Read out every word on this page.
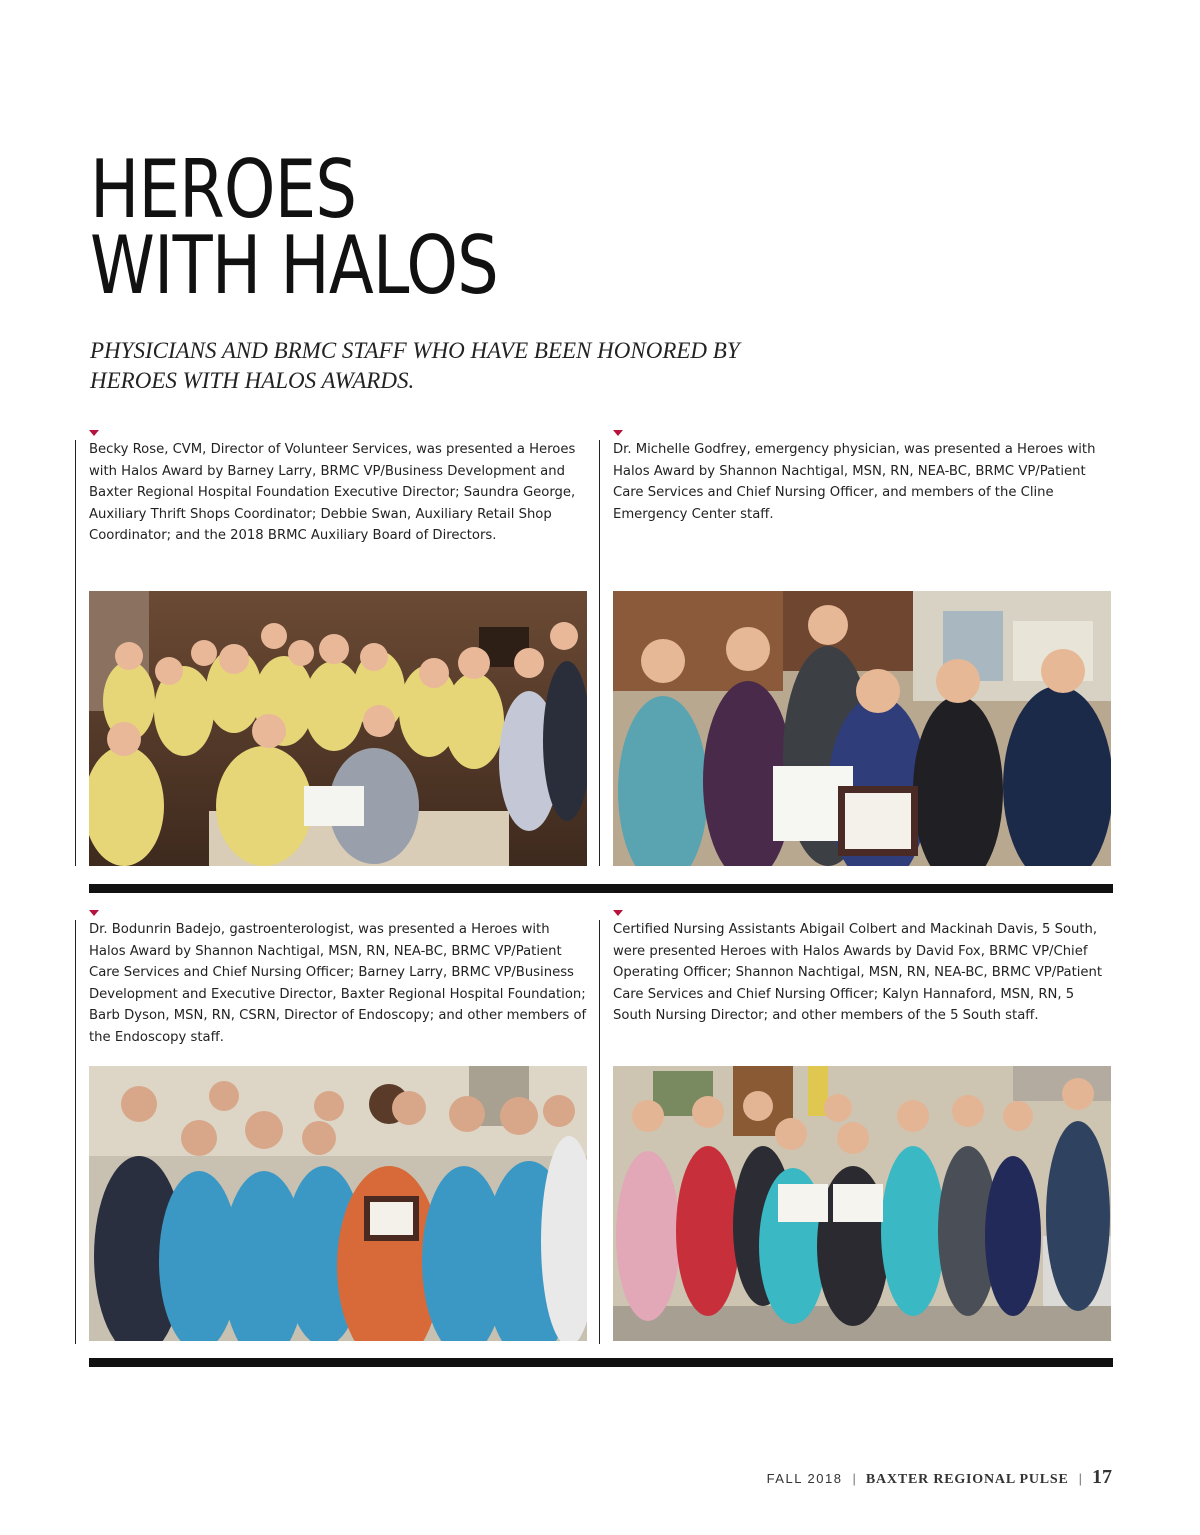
HEROES
WITH HALOS

PHYSICIANS AND BRMC STAFF WHO HAVE BEEN HONORED BY HEROES WITH HALOS AWARDS.

Becky Rose, CVM, Director of Volunteer Services, was presented a Heroes with Halos Award by Barney Larry, BRMC VP/Business Development and Baxter Regional Hospital Foundation Executive Director; Saundra George, Auxiliary Thrift Shops Coordinator; Debbie Swan, Auxiliary Retail Shop Coordinator; and the 2018 BRMC Auxiliary Board of Directors.

Dr. Michelle Godfrey, emergency physician, was presented a Heroes with Halos Award by Shannon Nachtigal, MSN, RN, NEA-BC, BRMC VP/Patient Care Services and Chief Nursing Officer, and members of the Cline Emergency Center staff.

Dr. Bodunrin Badejo, gastroenterologist, was presented a Heroes with Halos Award by Shannon Nachtigal, MSN, RN, NEA-BC, BRMC VP/Patient Care Services and Chief Nursing Officer; Barney Larry, BRMC VP/Business Development and Executive Director, Baxter Regional Hospital Foundation; Barb Dyson, MSN, RN, CSRN, Director of Endoscopy; and other members of the Endoscopy staff.

Certified Nursing Assistants Abigail Colbert and Mackinah Davis, 5 South, were presented Heroes with Halos Awards by David Fox, BRMC VP/Chief Operating Officer; Shannon Nachtigal, MSN, RN, NEA-BC, BRMC VP/Patient Care Services and Chief Nursing Officer; Kalyn Hannaford, MSN, RN, 5 South Nursing Director; and other members of the 5 South staff.

FALL 2018 | BAXTER REGIONAL PULSE | 17
